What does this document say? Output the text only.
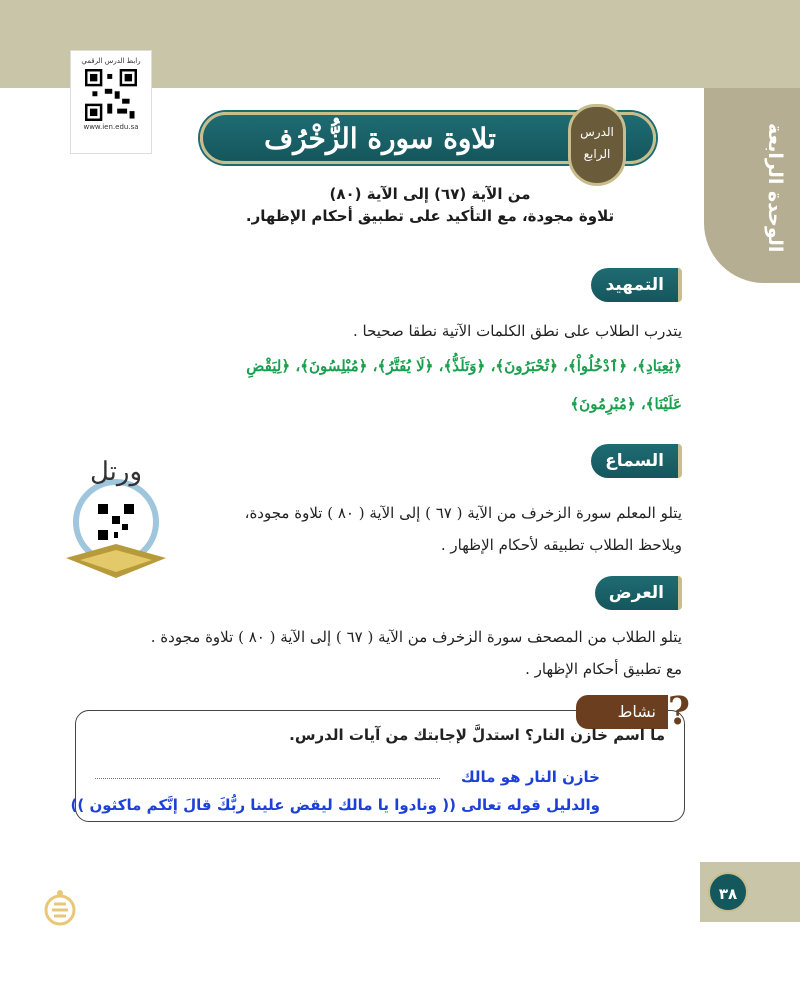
الوحدة الرابعة
رابط الدرس الرقمي
www.ien.edu.sa	تلاوة سورة الزُّخْرُف	الدرس
الرابع
من الآية (٦٧) إلى الآية (٨٠)
تلاوة مجودة، مع التأكيد على تطبيق أحكام الإظهار.
التمهيد
يتدرب الطلاب على نطق الكلمات الآتية نطقا صحيحا .
﴿يَٰعِبَادِ﴾، ﴿ٱدْخُلُواْ﴾، ﴿تُحْبَرُونَ﴾، ﴿وَتَلَذُّ﴾، ﴿لَا يُفَتَّرُ﴾، ﴿مُبْلِسُونَ﴾، ﴿لِيَقْضِ
عَلَيْنَا﴾، ﴿مُبْرِمُونَ﴾
السماع
ورتل
يتلو المعلم سورة الزخرف من الآية ( ٦٧ ) إلى الآية ( ٨٠ ) تلاوة مجودة،
ويلاحظ الطلاب تطبيقه لأحكام الإظهار .
العرض
يتلو الطلاب من المصحف سورة الزخرف من الآية ( ٦٧ ) إلى الآية ( ٨٠ ) تلاوة مجودة .
مع تطبيق أحكام الإظهار .
نشاط ?
ما اسم خازن النار؟ استدلَّ لإجابتك من آيات الدرس.
خازن النار هو مالك
والدليل قوله تعالى (( ونادوا يا مالك ليقض علينا ربُّكَ قالَ إنَّكم ماكثون ))
٣٨
